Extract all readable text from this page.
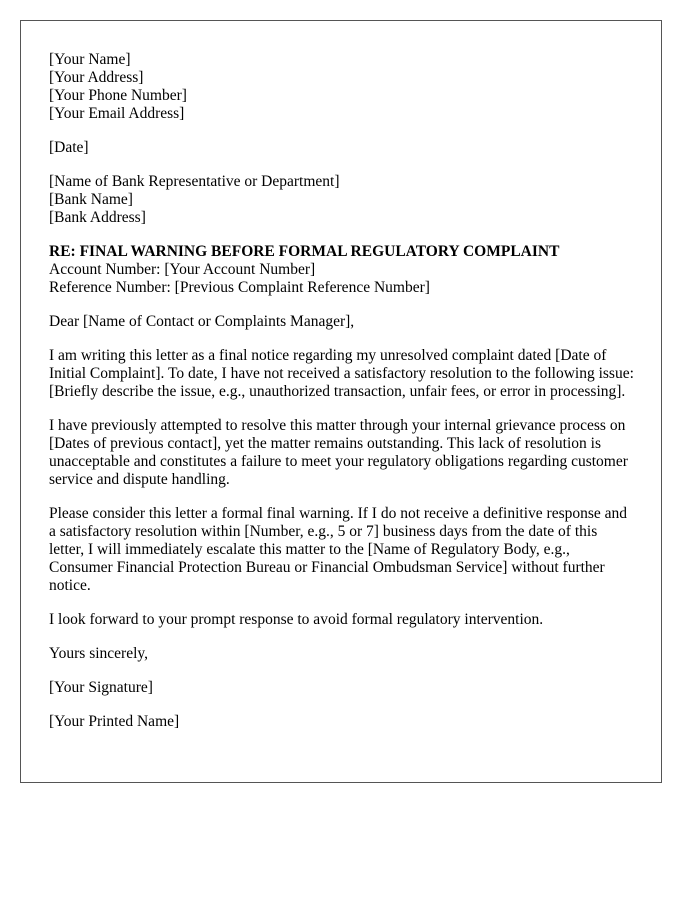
[Your Name]
[Your Address]
[Your Phone Number]
[Your Email Address]
[Date]
[Name of Bank Representative or Department]
[Bank Name]
[Bank Address]
RE: FINAL WARNING BEFORE FORMAL REGULATORY COMPLAINT
Account Number: [Your Account Number]
Reference Number: [Previous Complaint Reference Number]
Dear [Name of Contact or Complaints Manager],

I am writing this letter as a final notice regarding my unresolved complaint dated [Date of Initial Complaint]. To date, I have not received a satisfactory resolution to the following issue: [Briefly describe the issue, e.g., unauthorized transaction, unfair fees, or error in processing].

I have previously attempted to resolve this matter through your internal grievance process on [Dates of previous contact], yet the matter remains outstanding. This lack of resolution is unacceptable and constitutes a failure to meet your regulatory obligations regarding customer service and dispute handling.

Please consider this letter a formal final warning. If I do not receive a definitive response and a satisfactory resolution within [Number, e.g., 5 or 7] business days from the date of this letter, I will immediately escalate this matter to the [Name of Regulatory Body, e.g., Consumer Financial Protection Bureau or Financial Ombudsman Service] without further notice.

I look forward to your prompt response to avoid formal regulatory intervention.

Yours sincerely,
[Your Signature]
[Your Printed Name]
